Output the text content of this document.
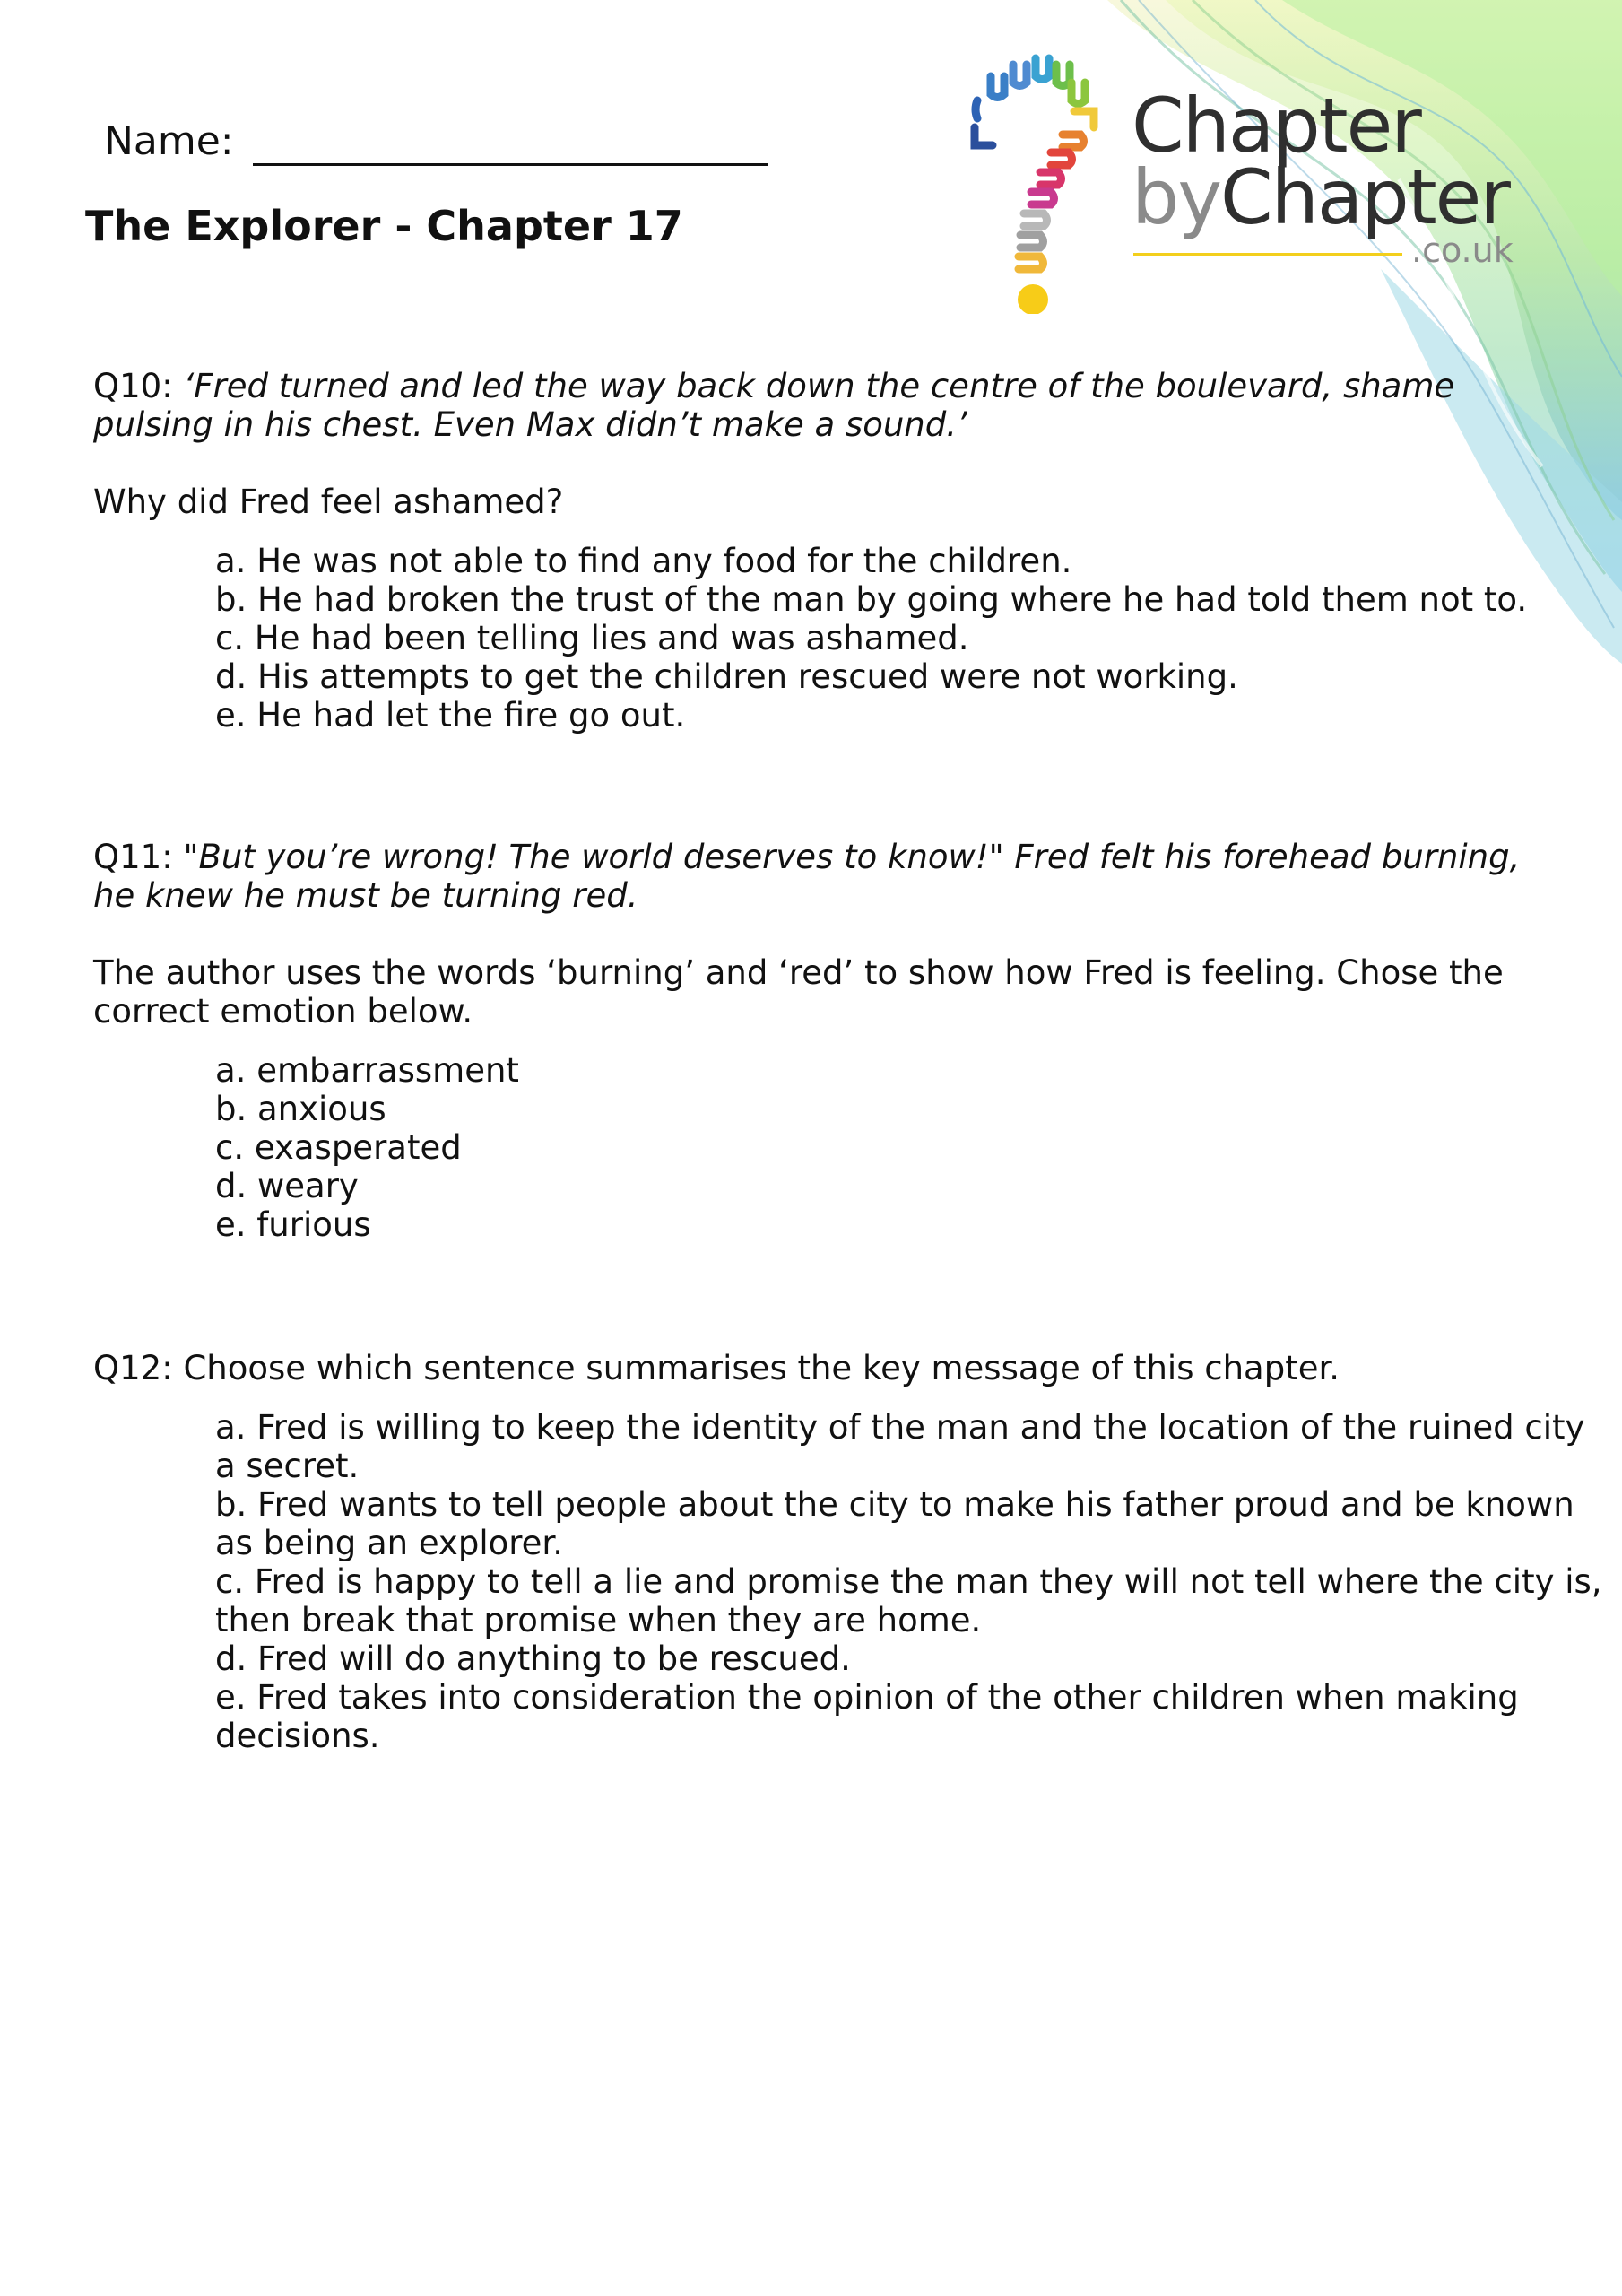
Chapter
byChapter
.co.uk
Name:
The Explorer - Chapter 17

Q10: ‘Fred turned and led the way back down the centre of the boulevard, shame pulsing in his chest. Even Max didn’t make a sound.’

Why did Fred feel ashamed?

a. He was not able to find any food for the children.
b. He had broken the trust of the man by going where he had told them not to.
c. He had been telling lies and was ashamed.
d. His attempts to get the children rescued were not working.
e. He had let the fire go out.

Q11: "But you’re wrong! The world deserves to know!" Fred felt his forehead burning, he knew he must be turning red.

The author uses the words ‘burning’ and ‘red’ to show how Fred is feeling. Chose the correct emotion below.

a. embarrassment
b. anxious
c. exasperated
d. weary
e. furious

Q12: Choose which sentence summarises the key message of this chapter.

a. Fred is willing to keep the identity of the man and the location of the ruined city a secret.
b. Fred wants to tell people about the city to make his father proud and be known as being an explorer.
c. Fred is happy to tell a lie and promise the man they will not tell where the city is, then break that promise when they are home.
d. Fred will do anything to be rescued.
e. Fred takes into consideration the opinion of the other children when making decisions.
